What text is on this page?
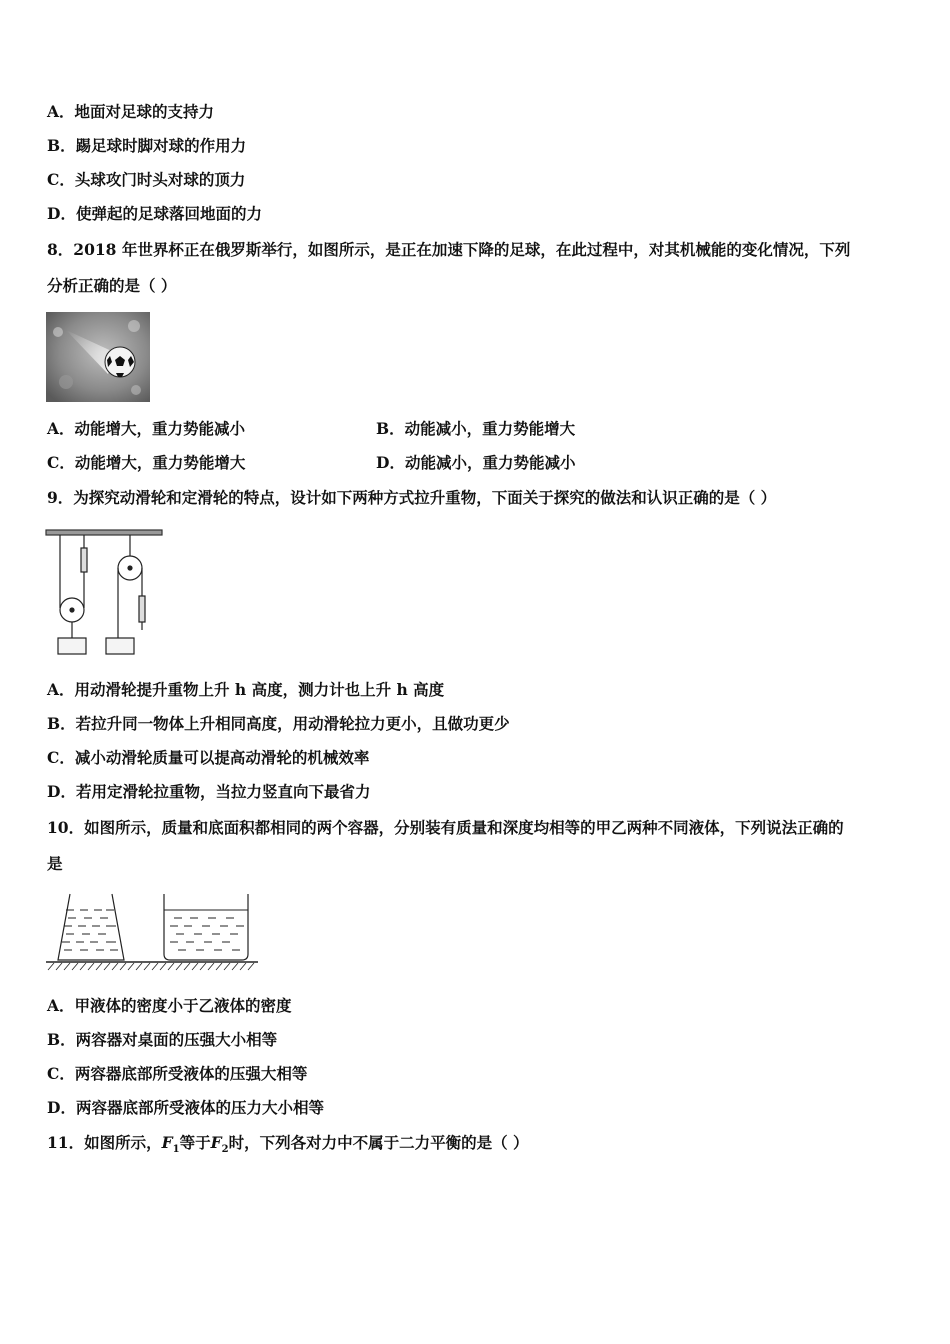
A．地面对足球的支持力
B．踢足球时脚对球的作用力
C．头球攻门时头对球的顶力
D．使弹起的足球落回地面的力
8．2018 年世界杯正在俄罗斯举行，如图所示，是正在加速下降的足球，在此过程中，对其机械能的变化情况，下列
分析正确的是（ ）
A．动能增大，重力势能减小	B．动能减小，重力势能增大
C．动能增大，重力势能增大	D．动能减小，重力势能减小
9．为探究动滑轮和定滑轮的特点，设计如下两种方式拉升重物，下面关于探究的做法和认识正确的是（ ）
A．用动滑轮提升重物上升 h 高度，测力计也上升 h 高度
B．若拉升同一物体上升相同高度，用动滑轮拉力更小，且做功更少
C．减小动滑轮质量可以提高动滑轮的机械效率
D．若用定滑轮拉重物，当拉力竖直向下最省力
10．如图所示，质量和底面积都相同的两个容器，分别装有质量和深度均相等的甲乙两种不同液体，下列说法正确的
是
A．甲液体的密度小于乙液体的密度
B．两容器对桌面的压强大小相等
C．两容器底部所受液体的压强大相等
D．两容器底部所受液体的压力大小相等
11．如图所示，$F_1$等于$F_2$时，下列各对力中不属于二力平衡的是（ ）
